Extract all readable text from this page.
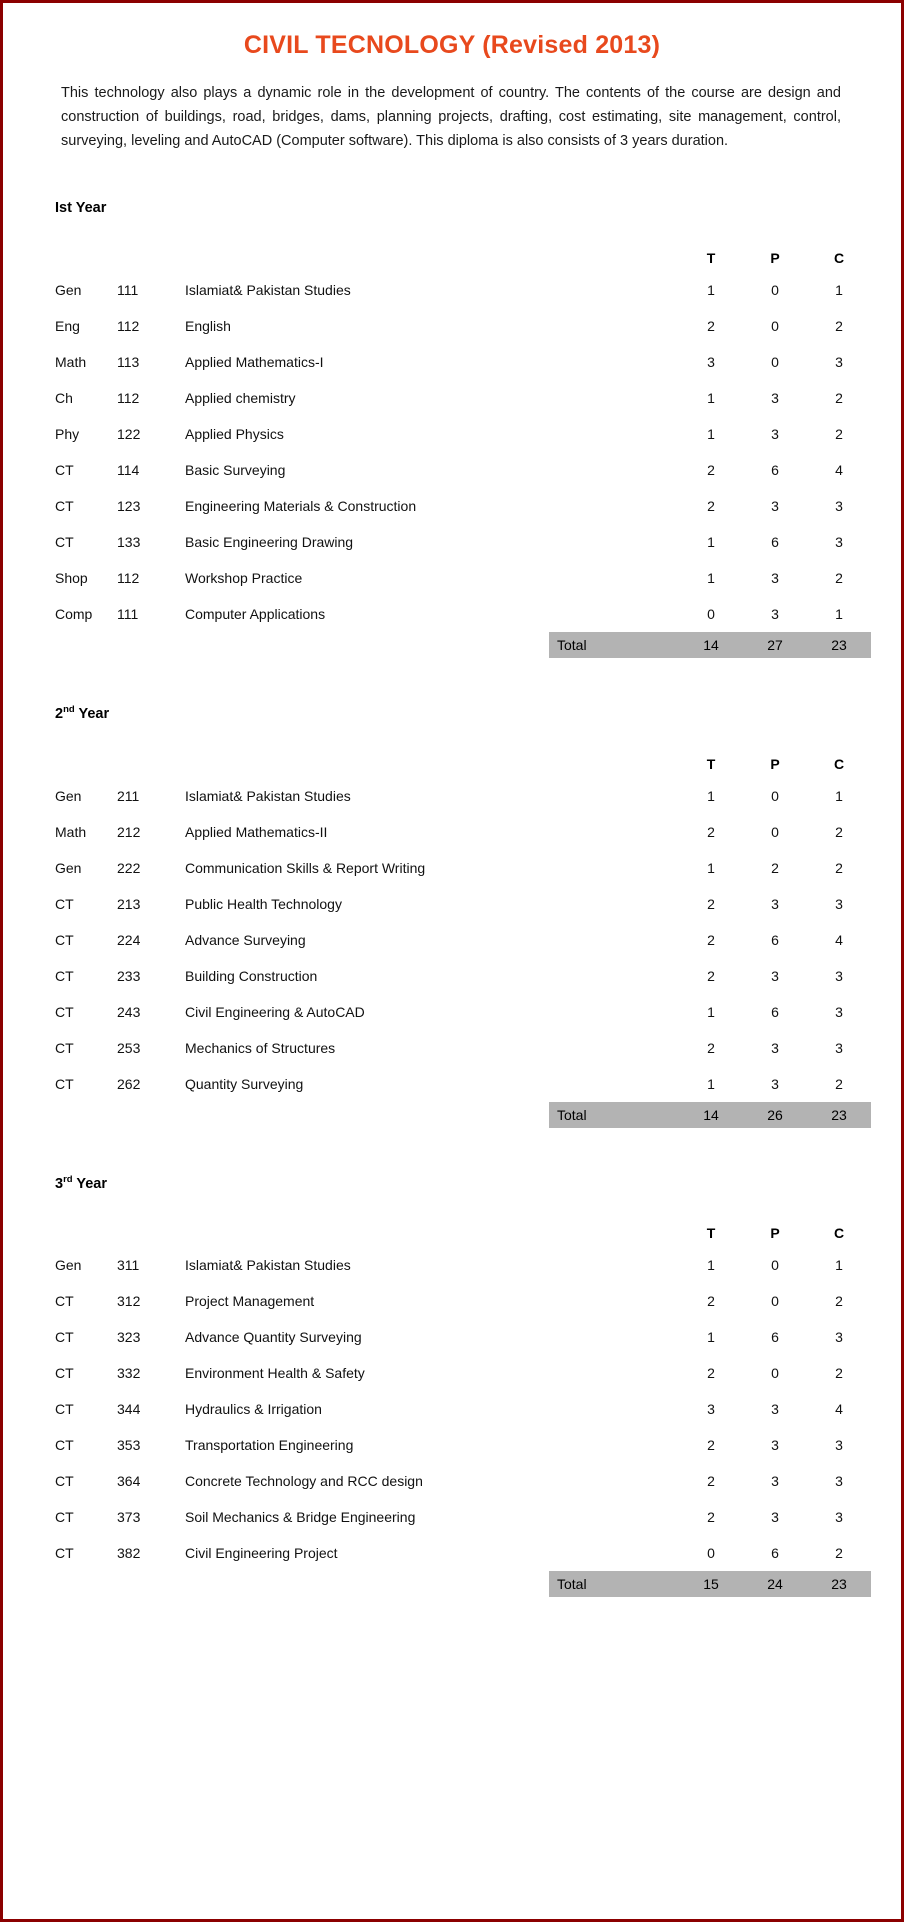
CIVIL TECNOLOGY (Revised 2013)

This technology also plays a dynamic role in the development of country. The contents of the course are design and construction of buildings, road, bridges, dams, planning projects, drafting, cost estimating, site management, control, surveying, leveling and AutoCAD (Computer software). This diploma is also consists of 3 years duration.

Ist Year
			T	P	C
Gen	111	Islamiat& Pakistan Studies	1	0	1
Eng	112	English	2	0	2
Math	113	Applied Mathematics-I	3	0	3
Ch	112	Applied chemistry	1	3	2
Phy	122	Applied Physics	1	3	2
CT	114	Basic Surveying	2	6	4
CT	123	Engineering Materials & Construction	2	3	3
CT	133	Basic Engineering Drawing	1	6	3
Shop	112	Workshop Practice	1	3	2
Comp	111	Computer Applications	0	3	1

		Total	14	27	23
2nd Year
			T	P	C
Gen	211	Islamiat& Pakistan Studies	1	0	1
Math	212	Applied Mathematics-II	2	0	2
Gen	222	Communication Skills & Report Writing	1	2	2
CT	213	Public Health Technology	2	3	3
CT	224	Advance Surveying	2	6	4
CT	233	Building Construction	2	3	3
CT	243	Civil Engineering & AutoCAD	1	6	3
CT	253	Mechanics of Structures	2	3	3
CT	262	Quantity Surveying	1	3	2

		Total	14	26	23
3rd Year
			T	P	C
Gen	311	Islamiat& Pakistan Studies	1	0	1
CT	312	Project Management	2	0	2
CT	323	Advance Quantity Surveying	1	6	3
CT	332	Environment Health & Safety	2	0	2
CT	344	Hydraulics & Irrigation	3	3	4
CT	353	Transportation Engineering	2	3	3
CT	364	Concrete Technology and RCC design	2	3	3
CT	373	Soil Mechanics & Bridge Engineering	2	3	3
CT	382	Civil Engineering Project	0	6	2

		Total	15	24	23
